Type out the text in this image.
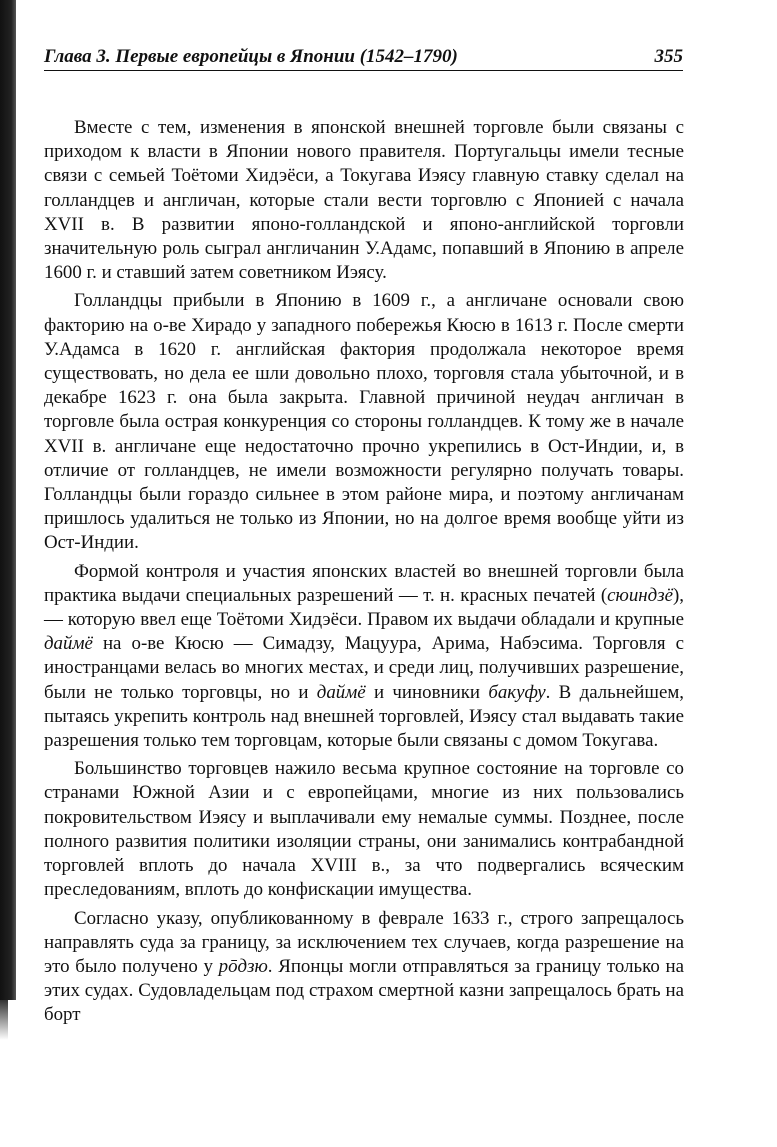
Глава 3. Первые европейцы в Японии (1542–1790)	355

Вместе с тем, изменения в японской внешней торговле были связаны с приходом к власти в Японии нового правителя. Португальцы имели тесные связи с семьей Тоётоми Хидэёси, а Токугава Иэясу главную ставку сделал на голландцев и англичан, которые стали вести торговлю с Японией с начала XVII в. В развитии японо-голландской и японо-английской торговли значительную роль сыграл англичанин У.Адамс, попавший в Японию в апреле 1600 г. и ставший затем советником Иэясу.

Голландцы прибыли в Японию в 1609 г., а англичане основали свою факторию на о-ве Хирадо у западного побережья Кюсю в 1613 г. После смерти У.Адамса в 1620 г. английская фактория продолжала некоторое время существовать, но дела ее шли довольно плохо, торговля стала убыточной, и в декабре 1623 г. она была закрыта. Главной причиной неудач англичан в торговле была острая конкуренция со стороны голландцев. К тому же в начале XVII в. англичане еще недостаточно прочно укрепились в Ост-Индии, и, в отличие от голландцев, не имели возможности регулярно получать товары. Голландцы были гораздо сильнее в этом районе мира, и поэтому англичанам пришлось удалиться не только из Японии, но на долгое время вообще уйти из Ост-Индии.

Формой контроля и участия японских властей во внешней торговли была практика выдачи специальных разрешений — т. н. красных печатей (сюиндзё), — которую ввел еще Тоётоми Хидэёси. Правом их выдачи обладали и крупные даймё на о-ве Кюсю — Симадзу, Мацуура, Арима, Набэсима. Торговля с иностранцами велась во многих местах, и среди лиц, получивших разрешение, были не только торговцы, но и даймё и чиновники бакуфу. В дальнейшем, пытаясь укрепить контроль над внешней торговлей, Иэясу стал выдавать такие разрешения только тем торговцам, которые были связаны с домом Токугава.

Большинство торговцев нажило весьма крупное состояние на торговле со странами Южной Азии и с европейцами, многие из них пользовались покровительством Иэясу и выплачивали ему немалые суммы. Позднее, после полного развития политики изоляции страны, они занимались контрабандной торговлей вплоть до начала XVIII в., за что подвергались всяческим преследованиям, вплоть до конфискации имущества.

Согласно указу, опубликованному в феврале 1633 г., строго запрещалось направлять суда за границу, за исключением тех случаев, когда разрешение на это было получено у рōдзю. Японцы могли отправляться за границу только на этих судах. Судовладельцам под страхом смертной казни запрещалось брать на борт
